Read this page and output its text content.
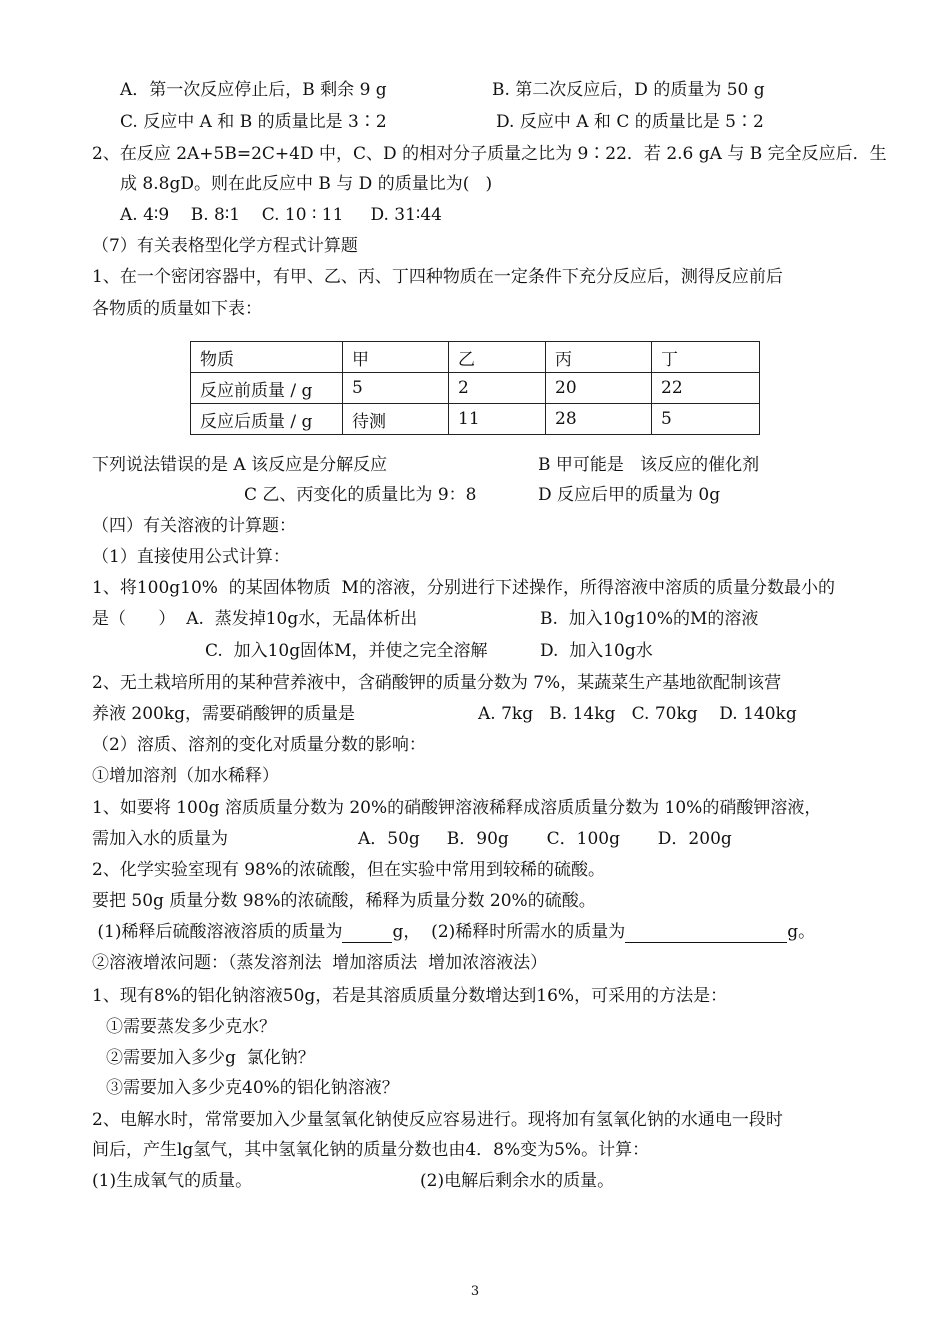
A．第一次反应停止后，B 剩余 9 g	B. 第二次反应后，D 的质量为 50 g
C. 反应中 A 和 B 的质量比是 3∶2	D. 反应中 A 和 C 的质量比是 5∶2
2、在反应 2A+5B=2C+4D 中，C、D 的相对分子质量之比为 9∶22．若 2.6 gA 与 B 完全反应后．生
成 8.8gD。则在此反应中 B 与 D 的质量比为(   )
A. 4∶9    B. 8∶1    C. 10 ∶ 11     D. 31∶44
（7）有关表格型化学方程式计算题
1、在一个密闭容器中，有甲、乙、丙、丁四种物质在一定条件下充分反应后，测得反应前后
各物质的质量如下表：
物质	甲	乙	丙	丁
反应前质量 / g	5	2	20	22
反应后质量 / g	待测	11	28	5
下列说法错误的是 A 该反应是分解反应	B 甲可能是   该反应的催化剂
C 乙、丙变化的质量比为 9：8	D 反应后甲的质量为 0g
（四）有关溶液的计算题：
（1）直接使用公式计算：
1、将100g10%  的某固体物质  M的溶液，分别进行下述操作，所得溶液中溶质的质量分数最小的
是（      ）  A.  蒸发掉10g水，无晶体析出	B.  加入10g10%的M的溶液
C.  加入10g固体M，并使之完全溶解	D.  加入10g水
2、无土栽培所用的某种营养液中，含硝酸钾的质量分数为 7%，某蔬菜生产基地欲配制该营
养液 200kg，需要硝酸钾的质量是	A. 7kg   B. 14kg   C. 70kg    D. 140kg
（2）溶质、溶剂的变化对质量分数的影响：
①增加溶剂（加水稀释）
1、如要将 100g 溶质质量分数为 20%的硝酸钾溶液稀释成溶质质量分数为 10%的硝酸钾溶液，
需加入水的质量为	A．50g     B．90g       C．100g       D．200g
2、化学实验室现有 98%的浓硫酸，但在实验中常用到较稀的硫酸。
要把 50g 质量分数 98%的浓硫酸，稀释为质量分数 20%的硫酸。
(1)稀释后硫酸溶液溶质的质量为	g，  (2)稀释时所需水的质量为	g。
②溶液增浓问题：（蒸发溶剂法  增加溶质法  增加浓溶液法）
1、现有8%的铝化钠溶液50g，若是其溶质质量分数增达到16%，可采用的方法是：
①需要蒸发多少克水？
②需要加入多少g  氯化钠？
③需要加入多少克40%的铝化钠溶液？
2、电解水时，常常要加入少量氢氧化钠使反应容易进行。现将加有氢氧化钠的水通电一段时
间后，产生lg氢气，其中氢氧化钠的质量分数也由4．8%变为5%。计算：
(1)生成氧气的质量。	(2)电解后剩余水的质量。
3
